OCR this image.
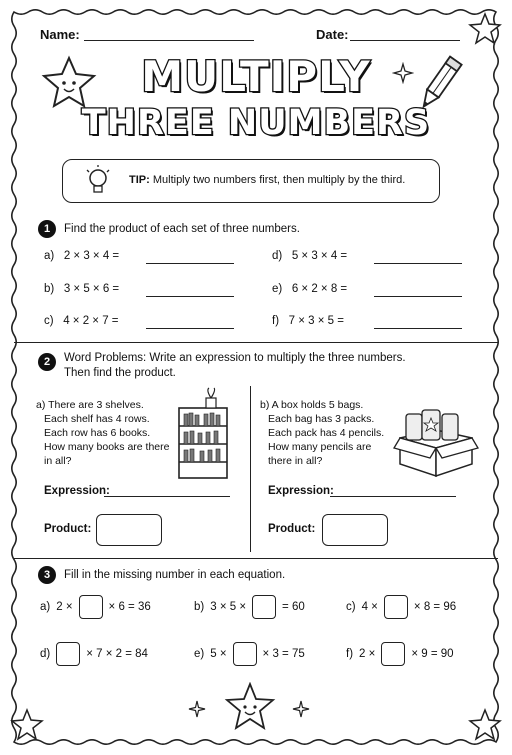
Name:	Date:
MULTIPLY
THREE NUMBERS
TIP: Multiply two numbers first, then multiply by the third.
1	Find the product of each set of three numbers.
a) 2 × 3 × 4 =
b) 3 × 5 × 6 =
c) 4 × 2 × 7 =
d) 5 × 3 × 4 =
e) 6 × 2 × 8 =
f) 7 × 3 × 5 =
2	Word Problems: Write an expression to multiply the three numbers.
Then find the product.
a) There are 3 shelves.
Each shelf has 4 rows.
Each row has 6 books.
How many books are there
in all?
Expression:
Product:
b) A box holds 5 bags.
Each bag has 3 packs.
Each pack has 4 pencils.
How many pencils are
there in all?
Expression:
Product:
3	Fill in the missing number in each equation.
a) 2 ×	× 6 = 36	b) 3 × 5 ×	= 60	c) 4 ×	× 8 = 96
d)	× 7 × 2 = 84	e) 5 ×	× 3 = 75	f) 2 ×	× 9 = 90
